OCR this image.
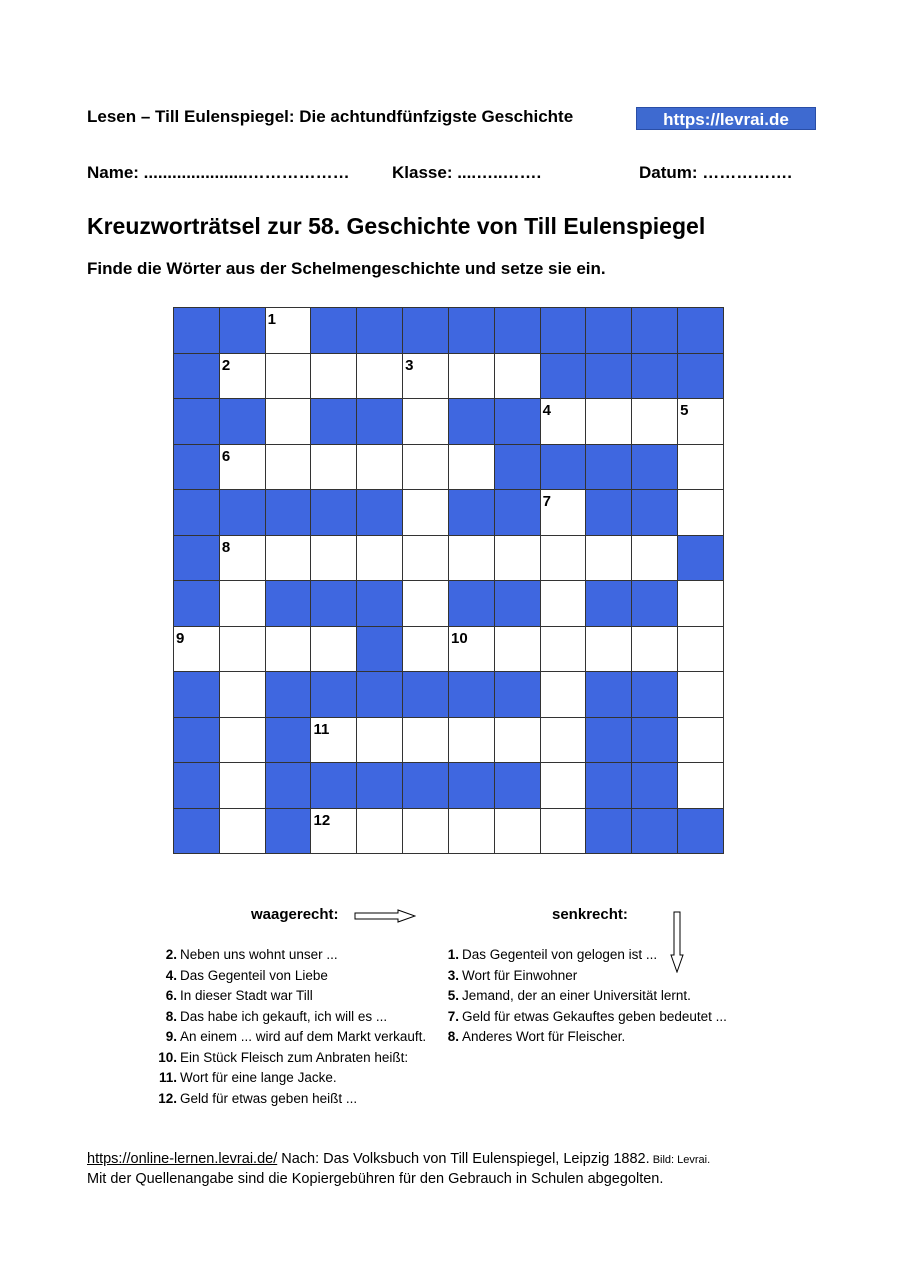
Lesen – Till Eulenspiegel: Die achtundfünfzigste Geschichte	https://levrai.de
Name: ......................……………… Klasse: ....…..…….	Datum: …………….
Kreuzworträtsel zur 58. Geschichte von Till Eulenspiegel
Finde die Wörter aus der Schelmengeschichte und setze sie ein.
1
2	3
4	5
6
7
8
9	10
11
12
waagerecht:	senkrecht:
2. Neben uns wohnt unser ...
4. Das Gegenteil von Liebe
6. In dieser Stadt war Till
8. Das habe ich gekauft, ich will es ...
9. An einem ... wird auf dem Markt verkauft.
10. Ein Stück Fleisch zum Anbraten heißt:
11. Wort für eine lange Jacke.
12. Geld für etwas geben heißt ...
1. Das Gegenteil von gelogen ist ...
3. Wort für Einwohner
5. Jemand, der an einer Universität lernt.
7. Geld für etwas Gekauftes geben bedeutet ...
8. Anderes Wort für Fleischer.
https://online-lernen.levrai.de/ Nach: Das Volksbuch von Till Eulenspiegel, Leipzig 1882. Bild: Levrai.
Mit der Quellenangabe sind die Kopiergebühren für den Gebrauch in Schulen abgegolten.
